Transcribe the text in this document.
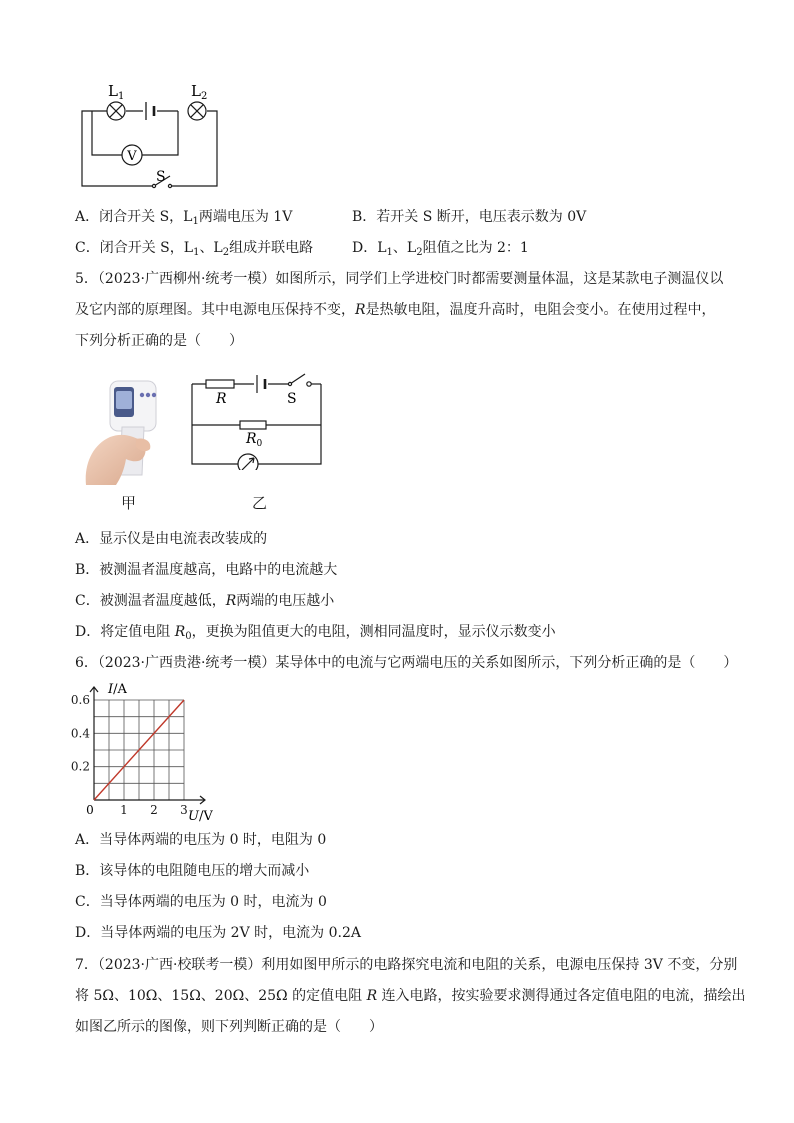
V
$L_1$	$L_2$
S
A．闭合开关 S，$L_1$两端电压为 1V	B．若开关 S 断开，电压表示数为 0V
C．闭合开关 S，$L_1$、$L_2$组成并联电路	D．$L_1$、$L_2$阻值之比为 2：1
5．（2023·广西柳州·统考一模）如图所示，同学们上学进校门时都需要测量体温，这是某款电子测温仪以
及它内部的原理图。其中电源电压保持不变，R是热敏电阻，温度升高时，电阻会变小。在使用过程中，
下列分析正确的是（　　）
甲
R	S
$R_0$
乙
A．显示仪是由电流表改装成的
B．被测温者温度越高，电路中的电流越大
C．被测温者温度越低，R两端的电压越小
D．将定值电阻 $R_0$，更换为阻值更大的电阻，测相同温度时，显示仪示数变小
6．（2023·广西贵港·统考一模）某导体中的电流与它两端电压的关系如图所示，下列分析正确的是（　　）
1 2 3
0.2
0.4
0.6
I/A
U/V
0
A．当导体两端的电压为 0 时，电阻为 0
B．该导体的电阻随电压的增大而减小
C．当导体两端的电压为 0 时，电流为 0
D．当导体两端的电压为 2V 时，电流为 0.2A
7．（2023·广西·校联考一模）利用如图甲所示的电路探究电流和电阻的关系，电源电压保持 3V 不变，分别
将 5Ω、10Ω、15Ω、20Ω、25Ω 的定值电阻 R 连入电路，按实验要求测得通过各定值电阻的电流，描绘出
如图乙所示的图像，则下列判断正确的是（　　）
